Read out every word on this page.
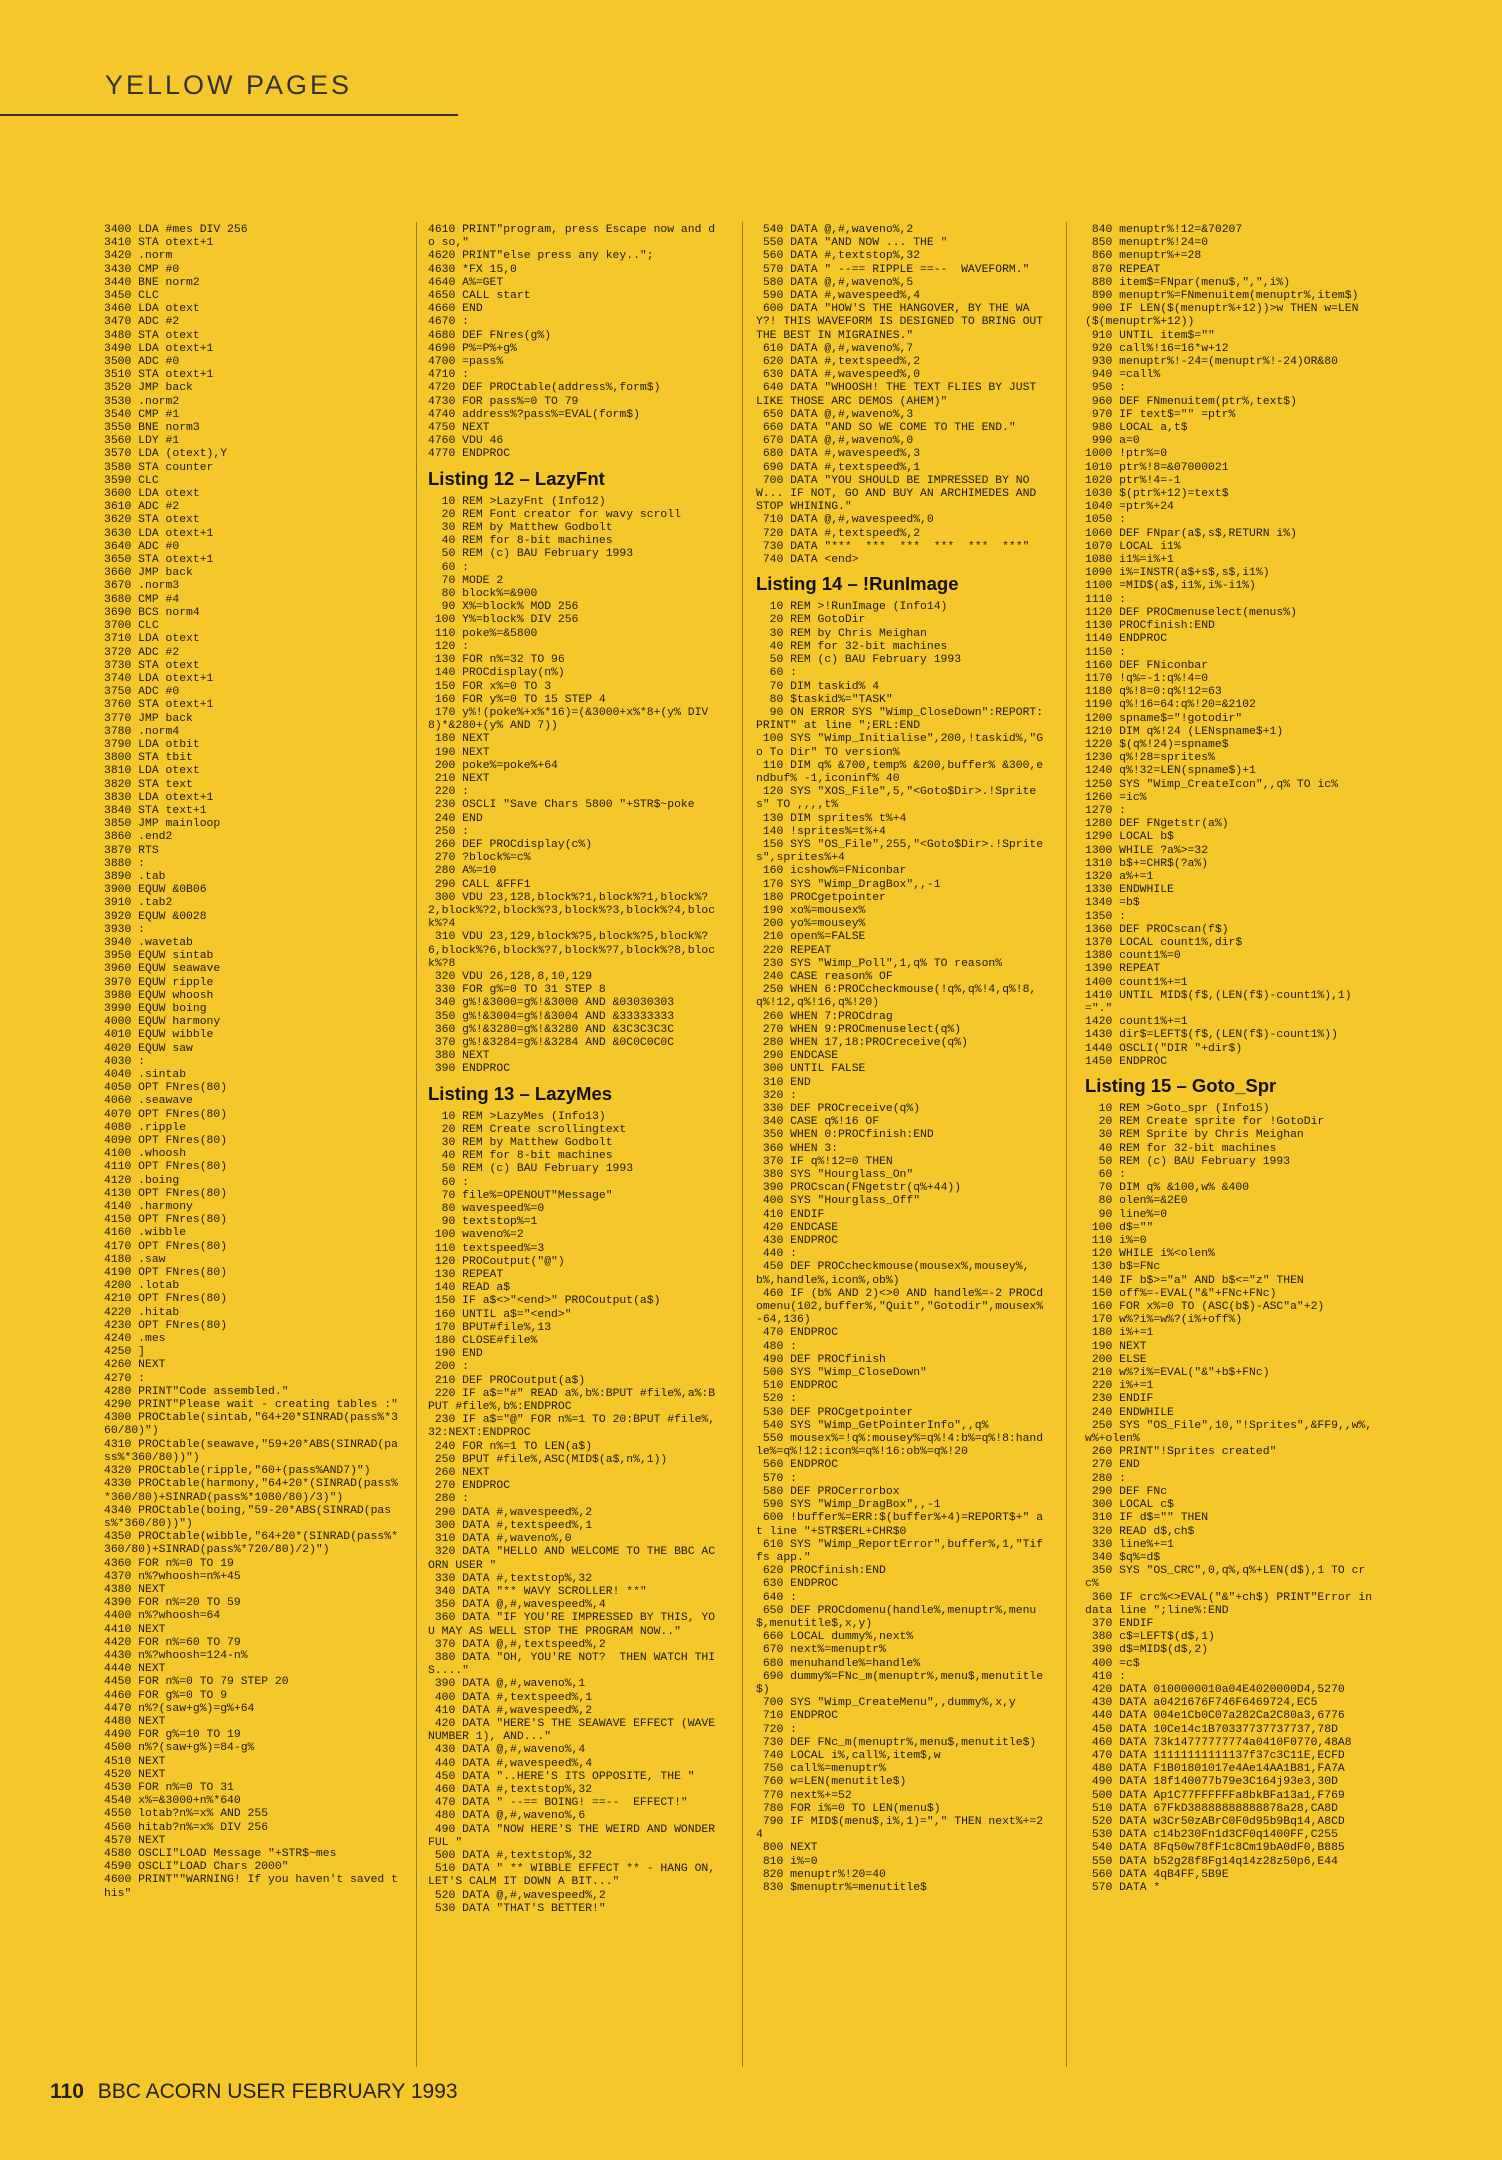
YELLOW PAGES
3400 LDA #mes DIV 256
3410 STA otext+1
3420 .norm
3430 CMP #0
3440 BNE norm2
3450 CLC
3460 LDA otext
3470 ADC #2
3480 STA otext
3490 LDA otext+1
3500 ADC #0
3510 STA otext+1
3520 JMP back
3530 .norm2
3540 CMP #1
3550 BNE norm3
3560 LDY #1
3570 LDA (otext),Y
3580 STA counter
3590 CLC
3600 LDA otext
3610 ADC #2
3620 STA otext
3630 LDA otext+1
3640 ADC #0
3650 STA otext+1
3660 JMP back
3670 .norm3
3680 CMP #4
3690 BCS norm4
3700 CLC
3710 LDA otext
3720 ADC #2
3730 STA otext
3740 LDA otext+1
3750 ADC #0
3760 STA otext+1
3770 JMP back
3780 .norm4
3790 LDA otbit
3800 STA tbit
3810 LDA otext
3820 STA text
3830 LDA otext+1
3840 STA text+1
3850 JMP mainloop
3860 .end2
3870 RTS
3880 :
3890 .tab
3900 EQUW &0B06
3910 .tab2
3920 EQUW &0028
3930 :
3940 .wavetab
3950 EQUW sintab
3960 EQUW seawave
3970 EQUW ripple
3980 EQUW whoosh
3990 EQUW boing
4000 EQUW harmony
4010 EQUW wibble
4020 EQUW saw
4030 :
4040 .sintab
4050 OPT FNres(80)
4060 .seawave
4070 OPT FNres(80)
4080 .ripple
4090 OPT FNres(80)
4100 .whoosh
4110 OPT FNres(80)
4120 .boing
4130 OPT FNres(80)
4140 .harmony
4150 OPT FNres(80)
4160 .wibble
4170 OPT FNres(80)
4180 .saw
4190 OPT FNres(80)
4200 .lotab
4210 OPT FNres(80)
4220 .hitab
4230 OPT FNres(80)
4240 .mes
4250 ]
4260 NEXT
4270 :
4280 PRINT"Code assembled."
4290 PRINT"Please wait - creating tables :"
4300 PROCtable(sintab,"64+20*SINRAD(pass%*360/80)")
4310 PROCtable(seawave,"59+20*ABS(SINRAD(pass%*360/80))")
4320 PROCtable(ripple,"60+(pass%AND7)")
4330 PROCtable(harmony,"64+20*(SINRAD(pass%*360/80)+SINRAD(pass%*1080/80)/3)")
4340 PROCtable(boing,"59-20*ABS(SINRAD(pass%*360/80))")
4350 PROCtable(wibble,"64+20*(SINRAD(pass%*360/80)+SINRAD(pass%*720/80)/2)")
4360 FOR n%=0 TO 19
4370 n%?whoosh=n%+45
4380 NEXT
4390 FOR n%=20 TO 59
4400 n%?whoosh=64
4410 NEXT
4420 FOR n%=60 TO 79
4430 n%?whoosh=124-n%
4440 NEXT
4450 FOR n%=0 TO 79 STEP 20
4460 FOR g%=0 TO 9
4470 n%?(saw+g%)=g%+64
4480 NEXT
4490 FOR g%=10 TO 19
4500 n%?(saw+g%)=84-g%
4510 NEXT
4520 NEXT
4530 FOR n%=0 TO 31
4540 x%=&3000+n%*640
4550 lotab?n%=x% AND 255
4560 hitab?n%=x% DIV 256
4570 NEXT
4580 OSCLI"LOAD Message "+STR$~mes
4590 OSCLI"LOAD Chars 2000"
4600 PRINT""WARNING! If you haven't saved this"
4610 PRINT"program, press Escape now and do so,"
4620 PRINT"else press any key..";
4630 *FX 15,0
4640 A%=GET
4650 CALL start
4660 END
4670 :
4680 DEF FNres(g%)
4690 P%=P%+g%
4700 =pass%
4710 :
4720 DEF PROCtable(address%,form$)
4730 FOR pass%=0 TO 79
4740 address%?pass%=EVAL(form$)
4750 NEXT
4760 VDU 46
4770 ENDPROC
Listing 12 – LazyFnt
10 REM >LazyFnt (Info12)
20 REM Font creator for wavy scroll
30 REM by Matthew Godbolt
40 REM for 8-bit machines
50 REM (c) BAU February 1993
60 :
70 MODE 2
80 block%=&900
90 X%=block% MOD 256
100 Y%=block% DIV 256
110 poke%=&5800
120 :
130 FOR n%=32 TO 96
140 PROCdisplay(n%)
150 FOR x%=0 TO 3
160 FOR y%=0 TO 15 STEP 4
170 y%!(poke%+x%*16)=(&3000+x%*8+(y% DIV 8)*&280+(y% AND 7))
180 NEXT
190 NEXT
200 poke%=poke%+64
210 NEXT
220 :
230 OSCLI "Save Chars 5800 "+STR$~poke
240 END
250 :
260 DEF PROCdisplay(c%)
270 ?block%=c%
280 A%=10
290 CALL &FFF1
300 VDU 23,128,block%?1,block%?1,block%?2,block%?2,block%?3,block%?3,block%?4,block%?4
310 VDU 23,129,block%?5,block%?5,block%?6,block%?6,block%?7,block%?7,block%?8,block%?8
320 VDU 26,128,8,10,129
330 FOR g%=0 TO 31 STEP 8
340 g%!&3000=g%!&3000 AND &03030303
350 g%!&3004=g%!&3004 AND &33333333
360 g%!&3280=g%!&3280 AND &3C3C3C3C
370 g%!&3284=g%!&3284 AND &0C0C0C0C
380 NEXT
390 ENDPROC
Listing 13 – LazyMes
10 REM >LazyMes (Info13)
20 REM Create scrollingtext
30 REM by Matthew Godbolt
40 REM for 8-bit machines
50 REM (c) BAU February 1993
60 :
70 file%=OPENOUT"Message"
80 wavespeed%=0
90 textstop%=1
100 waveno%=2
110 textspeed%=3
120 PROCoutput("@")
130 REPEAT
140 READ a$
150 IF a$<>"<end>" PROCoutput(a$)
160 UNTIL a$="<end>"
170 BPUT#file%,13
180 CLOSE#file%
190 END
200 :
210 DEF PROCoutput(a$)
220 IF a$="#" READ a%,b%:BPUT #file%,a%:BPUT #file%,b%:ENDPROC
230 IF a$="@" FOR n%=1 TO 20:BPUT #file%,32:NEXT:ENDPROC
240 FOR n%=1 TO LEN(a$)
250 BPUT #file%,ASC(MID$(a$,n%,1))
260 NEXT
270 ENDPROC
280 :
290 DATA #,wavespeed%,2
300 DATA #,textspeed%,1
310 DATA #,waveno%,0
320 DATA "HELLO AND WELCOME TO THE BBC ACORN USER "
330 DATA #,textstop%,32
340 DATA "** WAVY SCROLLER! **"
350 DATA @,#,wavespeed%,4
360 DATA "IF YOU'RE IMPRESSED BY THIS, YOU MAY AS WELL STOP THE PROGRAM NOW.."
370 DATA @,#,textspeed%,2
380 DATA "OH, YOU'RE NOT?  THEN WATCH THIS...."
390 DATA @,#,waveno%,1
400 DATA #,textspeed%,1
410 DATA #,wavespeed%,2
420 DATA "HERE'S THE SEAWAVE EFFECT (WAVE NUMBER 1), AND..."
430 DATA @,#,waveno%,4
440 DATA #,wavespeed%,4
450 DATA "..HERE'S ITS OPPOSITE, THE "
460 DATA #,textstop%,32
470 DATA " --== BOING! ==--  EFFECT!"
480 DATA @,#,waveno%,6
490 DATA "NOW HERE'S THE WEIRD AND WONDERFUL "
500 DATA #,textstop%,32
510 DATA " ** WIBBLE EFFECT ** - HANG ON, LET'S CALM IT DOWN A BIT..."
520 DATA @,#,wavespeed%,2
530 DATA "THAT'S BETTER!"
540 DATA @,#,waveno%,2
550 DATA "AND NOW ... THE "
560 DATA #,textstop%,32
570 DATA " --== RIPPLE ==--  WAVEFORM."
580 DATA @,#,waveno%,5
590 DATA #,wavespeed%,4
600 DATA "HOW'S THE HANGOVER, BY THE WAY?! THIS WAVEFORM IS DESIGNED TO BRING OUT THE BEST IN MIGRAINES."
610 DATA @,#,waveno%,7
620 DATA #,textspeed%,2
630 DATA #,wavespeed%,0
640 DATA "WHOOSH! THE TEXT FLIES BY JUST LIKE THOSE ARC DEMOS (AHEM)"
650 DATA @,#,waveno%,3
660 DATA "AND SO WE COME TO THE END."
670 DATA @,#,waveno%,0
680 DATA #,wavespeed%,3
690 DATA #,textspeed%,1
700 DATA "YOU SHOULD BE IMPRESSED BY NOW... IF NOT, GO AND BUY AN ARCHIMEDES AND STOP WHINING."
710 DATA @,#,wavespeed%,0
720 DATA #,textspeed%,2
730 DATA "***  ***  ***  ***  ***  ***"
740 DATA <end>
Listing 14 – !RunImage
10 REM >!RunImage (Info14)
20 REM GotoDir
30 REM by Chris Meighan
40 REM for 32-bit machines
50 REM (c) BAU February 1993
60 :
70 DIM taskid% 4
80 $taskid%="TASK"
90 ON ERROR SYS "Wimp_CloseDown":REPORT:PRINT" at line ";ERL:END
100 SYS "Wimp_Initialise",200,!taskid%,"Go To Dir" TO version%
110 DIM q% &700,temp% &200,buffer% &300,endbuf% -1,iconinf% 40
120 SYS "XOS_File",5,"<Goto$Dir>.!Sprites" TO ,,,,t%
130 DIM sprites% t%+4
140 !sprites%=t%+4
150 SYS "OS_File",255,"<Goto$Dir>.!Sprites",sprites%+4
160 icshow%=FNiconbar
170 SYS "Wimp_DragBox",,-1
180 PROCgetpointer
190 xo%=mousex%
200 yo%=mousey%
210 open%=FALSE
220 REPEAT
230 SYS "Wimp_Poll",1,q% TO reason%
240 CASE reason% OF
250 WHEN 6:PROCcheckmouse(!q%,q%!4,q%!8,q%!12,q%!16,q%!20)
260 WHEN 7:PROCdrag
270 WHEN 9:PROCmenuselect(q%)
280 WHEN 17,18:PROCreceive(q%)
290 ENDCASE
300 UNTIL FALSE
310 END
320 :
330 DEF PROCreceive(q%)
340 CASE q%!16 OF
350 WHEN 0:PROCfinish:END
360 WHEN 3:
370 IF q%!12=0 THEN
380 SYS "Hourglass_On"
390 PROCscan(FNgetstr(q%+44))
400 SYS "Hourglass_Off"
410 ENDIF
420 ENDCASE
430 ENDPROC
440 :
450 DEF PROCcheckmouse(mousex%,mousey%,b%,handle%,icon%,ob%)
460 IF (b% AND 2)<>0 AND handle%=-2 PROCdomenu(102,buffer%,"Quit","Gotodir",mousex%-64,136)
470 ENDPROC
480 :
490 DEF PROCfinish
500 SYS "Wimp_CloseDown"
510 ENDPROC
520 :
530 DEF PROCgetpointer
540 SYS "Wimp_GetPointerInfo",,q%
550 mousex%=!q%:mousey%=q%!4:b%=q%!8:handle%=q%!12:icon%=q%!16:ob%=q%!20
560 ENDPROC
570 :
580 DEF PROCerrorbox
590 SYS "Wimp_DragBox",,-1
600 !buffer%=ERR:$(buffer%+4)=REPORT$+" at line "+STR$ERL+CHR$0
610 SYS "Wimp_ReportError",buffer%,1,"Tiffs app."
620 PROCfinish:END
630 ENDPROC
640 :
650 DEF PROCdomenu(handle%,menuptr%,menu$,menutitle$,x,y)
660 LOCAL dummy%,next%
670 next%=menuptr%
680 menuhandle%=handle%
690 dummy%=FNc_m(menuptr%,menu$,menutitle$)
700 SYS "Wimp_CreateMenu",,dummy%,x,y
710 ENDPROC
720 :
730 DEF FNc_m(menuptr%,menu$,menutitle$)
740 LOCAL i%,call%,item$,w
750 call%=menuptr%
760 w=LEN(menutitle$)
770 next%+=52
780 FOR i%=0 TO LEN(menu$)
790 IF MID$(menu$,i%,1)="," THEN next%+=24
800 NEXT
810 i%=0
820 menuptr%!20=40
830 $menuptr%=menutitle$
840 menuptr%!12=&70207
850 menuptr%!24=0
860 menuptr%+=28
870 REPEAT
880 item$=FNpar(menu$,",",i%)
890 menuptr%=FNmenuitem(menuptr%,item$)
900 IF LEN($(menuptr%+12))>w THEN w=LEN($(menuptr%+12))
910 UNTIL item$=""
920 call%!16=16*w+12
930 menuptr%!-24=(menuptr%!-24)OR&80
940 =call%
950 :
960 DEF FNmenuitem(ptr%,text$)
970 IF text$="" =ptr%
980 LOCAL a,t$
990 a=0
1000 !ptr%=0
1010 ptr%!8=&07000021
1020 ptr%!4=-1
1030 $(ptr%+12)=text$
1040 =ptr%+24
1050 :
1060 DEF FNpar(a$,s$,RETURN i%)
1070 LOCAL i1%
1080 i1%=i%+1
1090 i%=INSTR(a$+s$,s$,i1%)
1100 =MID$(a$,i1%,i%-i1%)
1110 :
1120 DEF PROCmenuselect(menus%)
1130 PROCfinish:END
1140 ENDPROC
1150 :
1160 DEF FNiconbar
1170 !q%=-1:q%!4=0
1180 q%!8=0:q%!12=63
1190 q%!16=64:q%!20=&2102
1200 spname$="!gotodir"
1210 DIM q%!24 (LENspname$+1)
1220 $(q%!24)=spname$
1230 q%!28=sprites%
1240 q%!32=LEN(spname$)+1
1250 SYS "Wimp_CreateIcon",,q% TO ic%
1260 =ic%
1270 :
1280 DEF FNgetstr(a%)
1290 LOCAL b$
1300 WHILE ?a%>=32
1310 b$+=CHR$(?a%)
1320 a%+=1
1330 ENDWHILE
1340 =b$
1350 :
1360 DEF PROCscan(f$)
1370 LOCAL count1%,dir$
1380 count1%=0
1390 REPEAT
1400 count1%+=1
1410 UNTIL MID$(f$,(LEN(f$)-count1%),1)="."
1420 count1%+=1
1430 dir$=LEFT$(f$,(LEN(f$)-count1%))
1440 OSCLI("DIR "+dir$)
1450 ENDPROC
Listing 15 – Goto_Spr
10 REM >Goto_spr (Info15)
20 REM Create sprite for !GotoDir
30 REM Sprite by Chris Meighan
40 REM for 32-bit machines
50 REM (c) BAU February 1993
60 :
70 DIM q% &100,w% &400
80 olen%=&2E0
90 line%=0
100 d$=""
110 i%=0
120 WHILE i%<olen%
130 b$=FNc
140 IF b$>="a" AND b$<="z" THEN
150 off%=-EVAL("&"+FNc+FNc)
160 FOR x%=0 TO (ASC(b$)-ASC"a"+2)
170 w%?i%=w%?(i%+off%)
180 i%+=1
190 NEXT
200 ELSE
210 w%?i%=EVAL("&"+b$+FNc)
220 i%+=1
230 ENDIF
240 ENDWHILE
250 SYS "OS_File",10,"!Sprites",&FF9,,w%,w%+olen%
260 PRINT"!Sprites created"
270 END
280 :
290 DEF FNc
300 LOCAL c$
310 IF d$="" THEN
320 READ d$,ch$
330 line%+=1
340 $q%=d$
350 SYS "OS_CRC",0,q%,q%+LEN(d$),1 TO crc%
360 IF crc%<>EVAL("&"+ch$) PRINT"Error in data line ";line%:END
370 ENDIF
380 c$=LEFT$(d$,1)
390 d$=MID$(d$,2)
400 =c$
410 :
420 DATA 0100000010a04E4020000D4,5270
430 DATA a0421676F746F6469724,EC5
440 DATA 004e1Cb0C07a282Ca2C80a3,6776
450 DATA 10Ce14c1B70337737737737,78D
460 DATA 73k14777777774a0410F0770,48A8
470 DATA 11111111111137f37c3C11E,ECFD
480 DATA F1B01801017e4Ae14AA1B81,FA7A
490 DATA 18f140077b79e3C164j93e3,30D
500 DATA Ap1C77FFFFFFa8bkBFa13a1,F769
510 DATA 67FkD38888888888878a28,CA8D
520 DATA w3Cr50zABrC0F0d95b9Bq14,A8CD
530 DATA c14b230Fn1d3CF0q1400FF,C255
540 DATA 8Fq50w78fF1c8Cm19bA0dF0,B885
550 DATA b52g28f8Fg14q14z28z50p6,E44
560 DATA 4qB4FF,5B9E
570 DATA *
110 BBC ACORN USER FEBRUARY 1993
